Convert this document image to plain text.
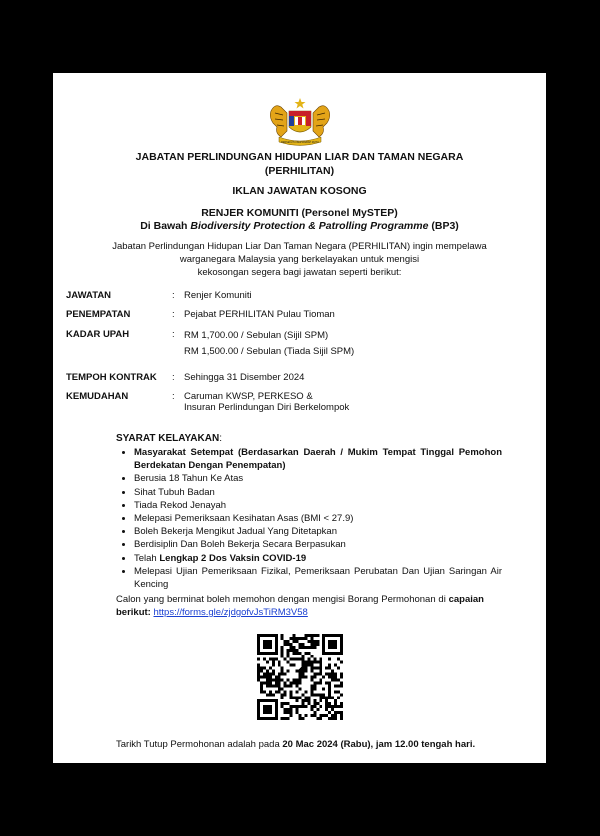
BERSEKUTU BERTAMBAH MUTU
JABATAN PERLINDUNGAN HIDUPAN LIAR DAN TAMAN NEGARA
(PERHILITAN)
IKLAN JAWATAN KOSONG
RENJER KOMUNITI (Personel MySTEP)
Di Bawah Biodiversity Protection & Patrolling Programme (BP3)
Jabatan Perlindungan Hidupan Liar Dan Taman Negara (PERHILITAN) ingin mempelawa
warganegara Malaysia yang berkelayakan untuk mengisi
kekosongan segera bagi jawatan seperti berikut:
JAWATAN	: Renjer Komuniti
PENEMPATAN	: Pejabat PERHILITAN Pulau Tioman
KADAR UPAH	: RM 1,700.00 / Sebulan (Sijil SPM)
RM 1,500.00 / Sebulan (Tiada Sijil SPM)
TEMPOH KONTRAK : Sehingga 31 Disember 2024
KEMUDAHAN	: Caruman KWSP, PERKESO &
Insuran Perlindungan Diri Berkelompok
SYARAT KELAYAKAN:
• Masyarakat Setempat (Berdasarkan Daerah / Mukim Tempat Tinggal Pemohon Berdekatan Dengan Penempatan)
• Berusia 18 Tahun Ke Atas
• Sihat Tubuh Badan
• Tiada Rekod Jenayah
• Melepasi Pemeriksaan Kesihatan Asas (BMI < 27.9)
• Boleh Bekerja Mengikut Jadual Yang Ditetapkan
• Berdisiplin Dan Boleh Bekerja Secara Berpasukan
• Telah Lengkap 2 Dos Vaksin COVID-19
• Melepasi Ujian Pemeriksaan Fizikal, Pemeriksaan Perubatan Dan Ujian Saringan Air Kencing
Calon yang berminat boleh memohon dengan mengisi Borang Permohonan di capaian berikut: https://forms.gle/zjdgofvJsTiRM3V58
Tarikh Tutup Permohonan adalah pada 20 Mac 2024 (Rabu), jam 12.00 tengah hari.
